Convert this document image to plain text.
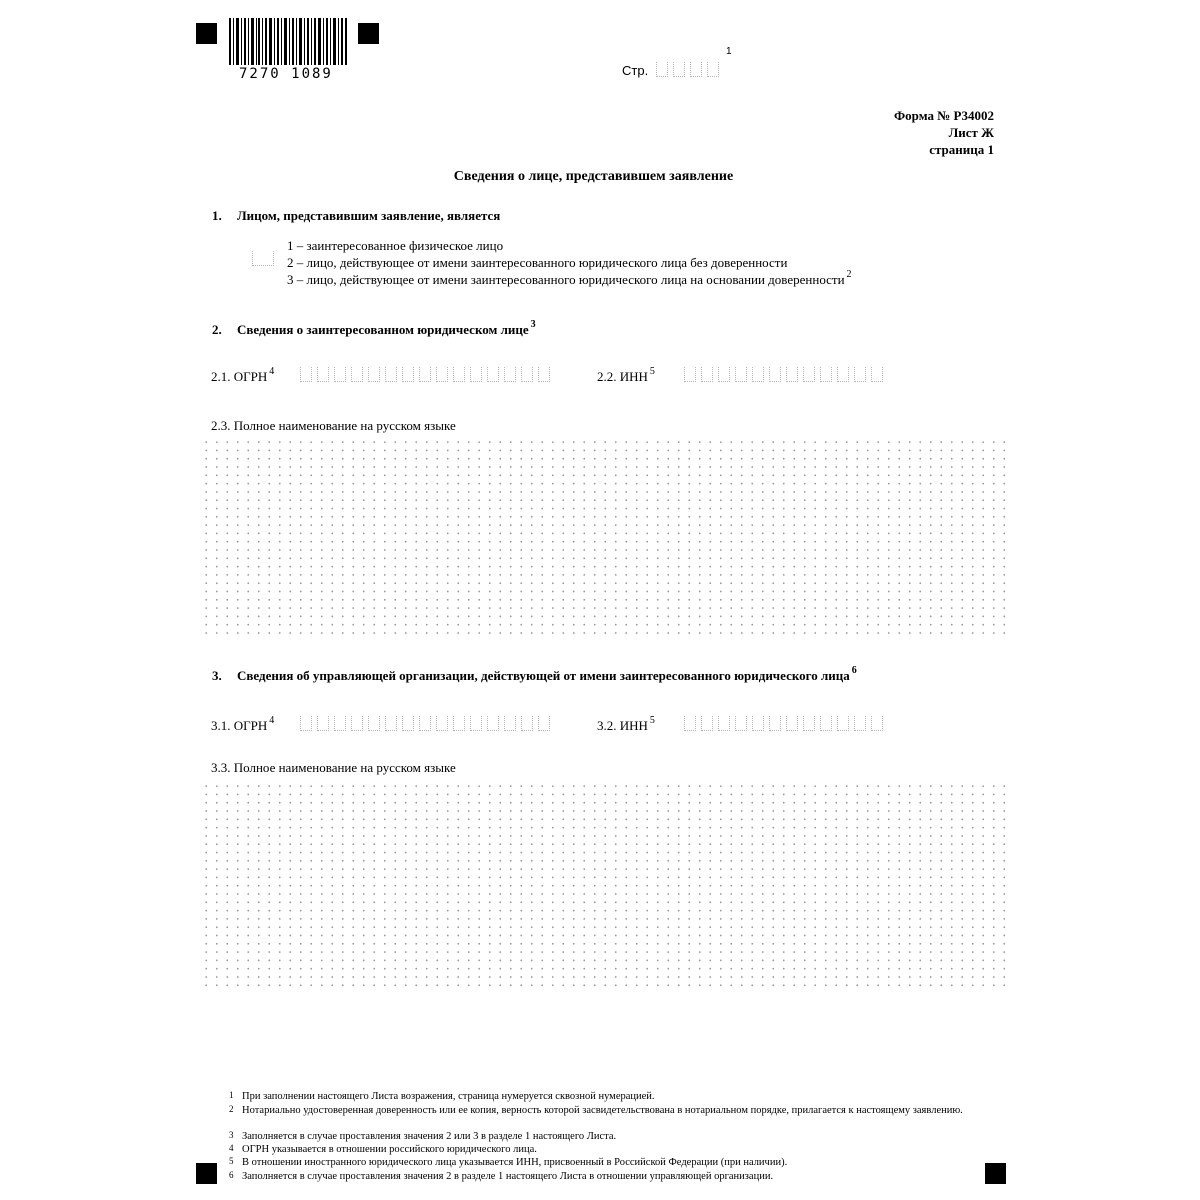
7270 1089	Стр.
1
Форма № Р34002
Лист Ж
страница 1
Сведения о лице, представившем заявление
1. Лицом, представившим заявление, является
1 – заинтересованное физическое лицо
2 – лицо, действующее от имени заинтересованного юридического лица без доверенности
3 – лицо, действующее от имени заинтересованного юридического лица на основании доверенности $^2$
2. Сведения о заинтересованном юридическом лице $^3$
2.1. ОГРН $^4$	2.2. ИНН $^5$
2.3. Полное наименование на русском языке
3. Сведения об управляющей организации, действующей от имени заинтересованного юридического лица $^6$
3.1. ОГРН $^4$	3.2. ИНН $^5$
3.3. Полное наименование на русском языке
1 При заполнении настоящего Листа возражения, страница нумеруется сквозной нумерацией.
2 Нотариально удостоверенная доверенность или ее копия, верность которой засвидетельствована в нотариальном порядке, прилагается к настоящему заявлению.
3 Заполняется в случае проставления значения 2 или 3 в разделе 1 настоящего Листа.
4 ОГРН указывается в отношении российского юридического лица.
5 В отношении иностранного юридического лица указывается ИНН, присвоенный в Российской Федерации (при наличии).
6 Заполняется в случае проставления значения 2 в разделе 1 настоящего Листа в отношении управляющей организации.
